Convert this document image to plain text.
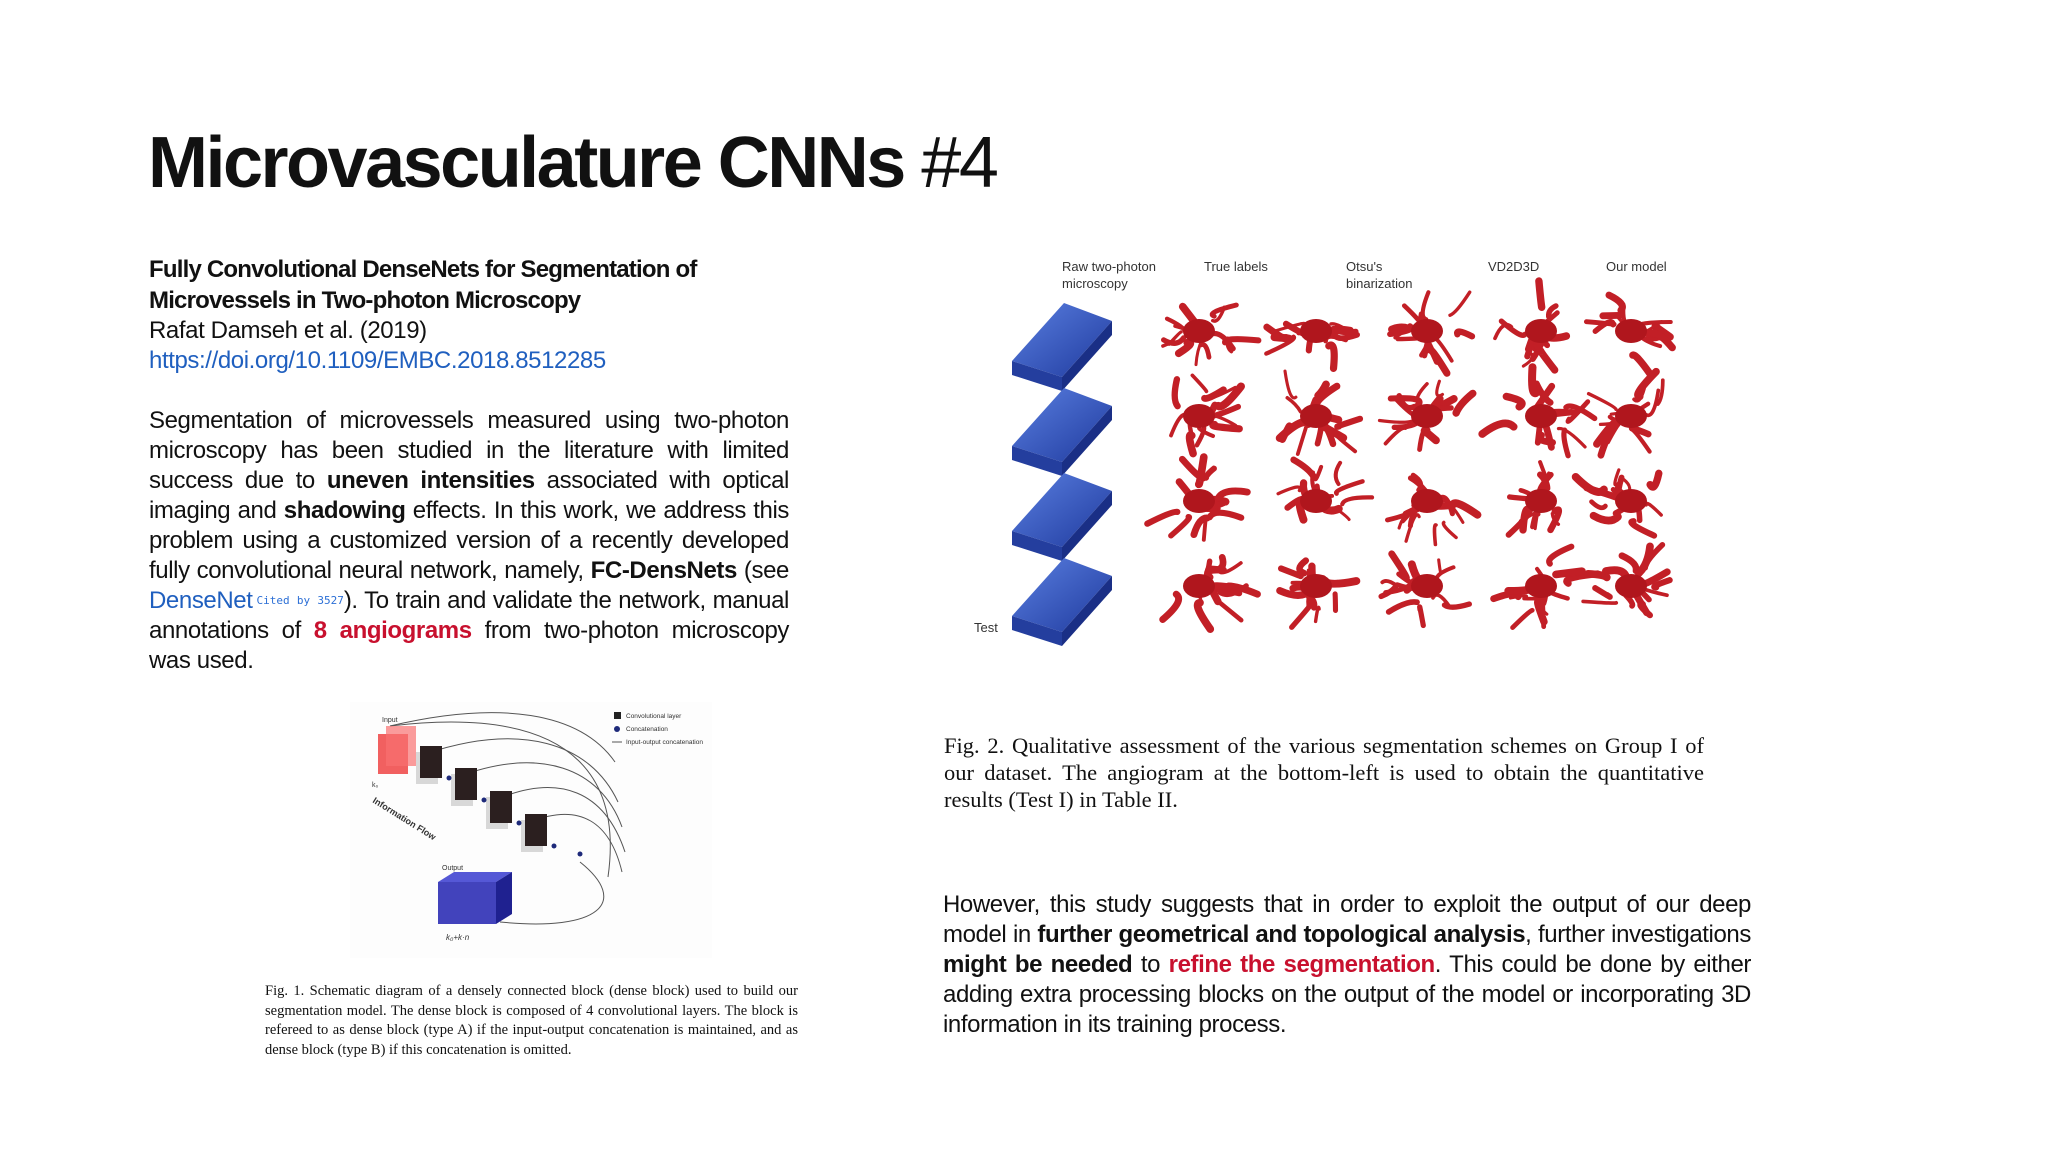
Microvasculature CNNs #4
Fully Convolutional DenseNets for Segmentation of Microvessels in Two-photon Microscopy
Rafat Damseh et al. (2019)
https://doi.org/10.1109/EMBC.2018.8512285
Segmentation of microvessels measured using two-photon microscopy has been studied in the literature with limited success due to uneven intensities associated with optical imaging and shadowing effects. In this work, we address this problem using a customized version of a recently developed fully convolutional neural network, namely, FC-DensNets (see DenseNet Cited by 3527). To train and validate the network, manual annotations of 8 angiograms from two-photon microscopy was used.
Input
k₀
Information Flow
Output
k₀+k·n
Convolutional layer
Concatenation
Input-output concatenation
Fig. 1. Schematic diagram of a densely connected block (dense block) used to build our segmentation model. The dense block is composed of 4 convolutional layers. The block is refereed to as dense block (type A) if the input-output concatenation is maintained, and as dense block (type B) if this concatenation is omitted.
Raw two-photon
microscopy
True labels	Otsu's
binarization
VD2D3D	Our model
Test
Fig. 2. Qualitative assessment of the various segmentation schemes on Group I of our dataset. The angiogram at the bottom-left is used to obtain the quantitative results (Test I) in Table II.
However, this study suggests that in order to exploit the output of our deep model in further geometrical and topological analysis, further investigations might be needed to refine the segmentation. This could be done by either adding extra processing blocks on the output of the model or incorporating 3D information in its training process.
